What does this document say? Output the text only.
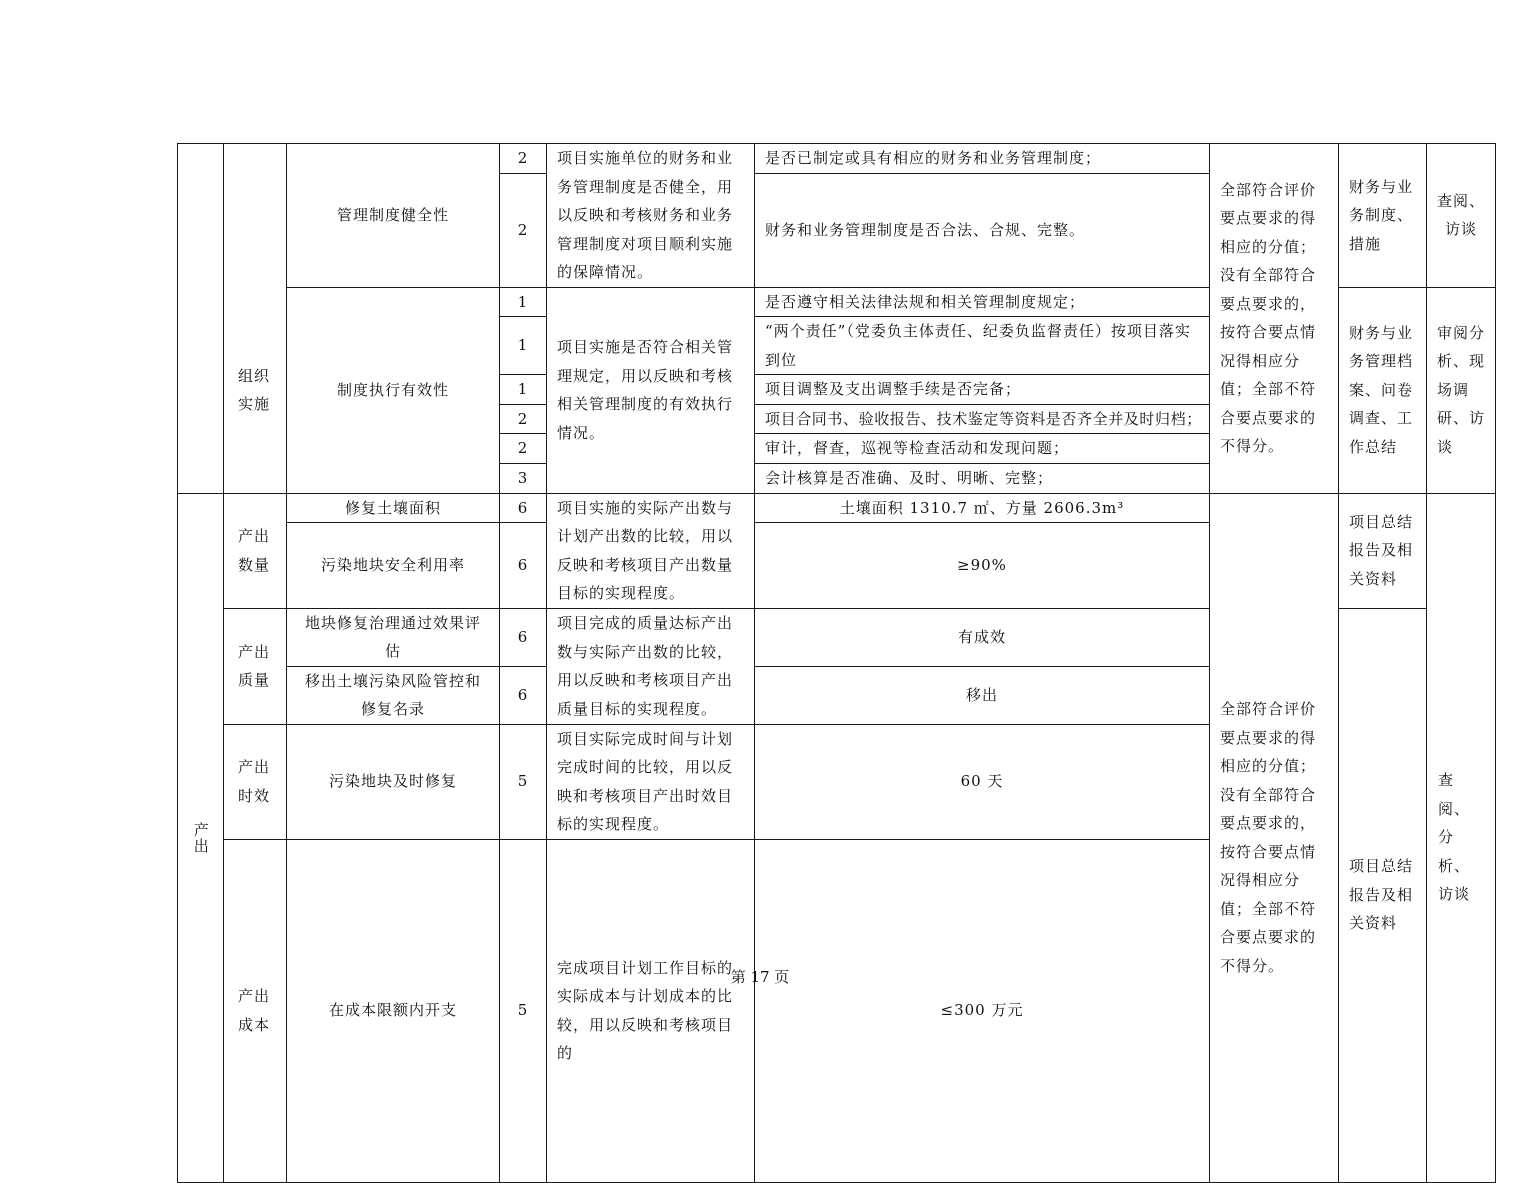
	组织实施	管理制度健全性	2	项目实施单位的财务和业务管理制度是否健全，用以反映和考核财务和业务管理制度对项目顺利实施的保障情况。	是否已制定或具有相应的财务和业务管理制度；	全部符合评价要点要求的得相应的分值；没有全部符合要点要求的，按符合要点情况得相应分值；全部不符合要点要求的不得分。	财务与业务制度、措施	查阅、访谈	
			2		财务和业务管理制度是否合法、合规、完整。				
		制度执行有效性	1	项目实施是否符合相关管理规定，用以反映和考核相关管理制度的有效执行情况。	是否遵守相关法律法规和相关管理制度规定；		财务与业务管理档案、问卷调查、工作总结	审阅分析、现场调研、访谈	
			1		“两个责任”（党委负主体责任、纪委负监督责任）按项目落实到位				
			1		项目调整及支出调整手续是否完备；				
			2		项目合同书、验收报告、技术鉴定等资料是否齐全并及时归档；				
			2		审计，督查，巡视等检查活动和发现问题；				
			3		会计核算是否准确、及时、明晰、完整；				
产出	产出数量	修复土壤面积	6	项目实施的实际产出数与计划产出数的比较，用以反映和考核项目产出数量目标的实现程度。	土壤面积 1310.7 ㎡、方量 2606.3m³	全部符合评价要点要求的得相应的分值；没有全部符合要点要求的，按符合要点情况得相应分值；全部不符合要点要求的不得分。	项目总结报告及相关资料	查阅、分析、访谈	
		污染地块安全利用率	6		≥90%				
	产出质量	地块修复治理通过效果评估	6	项目完成的质量达标产出数与实际产出数的比较，用以反映和考核项目产出质量目标的实现程度。	有成效		项目总结报告及相关资料		
		移出土壤污染风险管控和修复名录	6		移出				
	产出时效	污染地块及时修复	5	项目实际完成时间与计划完成时间的比较，用以反映和考核项目产出时效目标的实现程度。	60 天				
	产出成本	在成本限额内开支	5	完成项目计划工作目标的实际成本与计划成本的比较，用以反映和考核项目的	≤300 万元			
第 17 页
